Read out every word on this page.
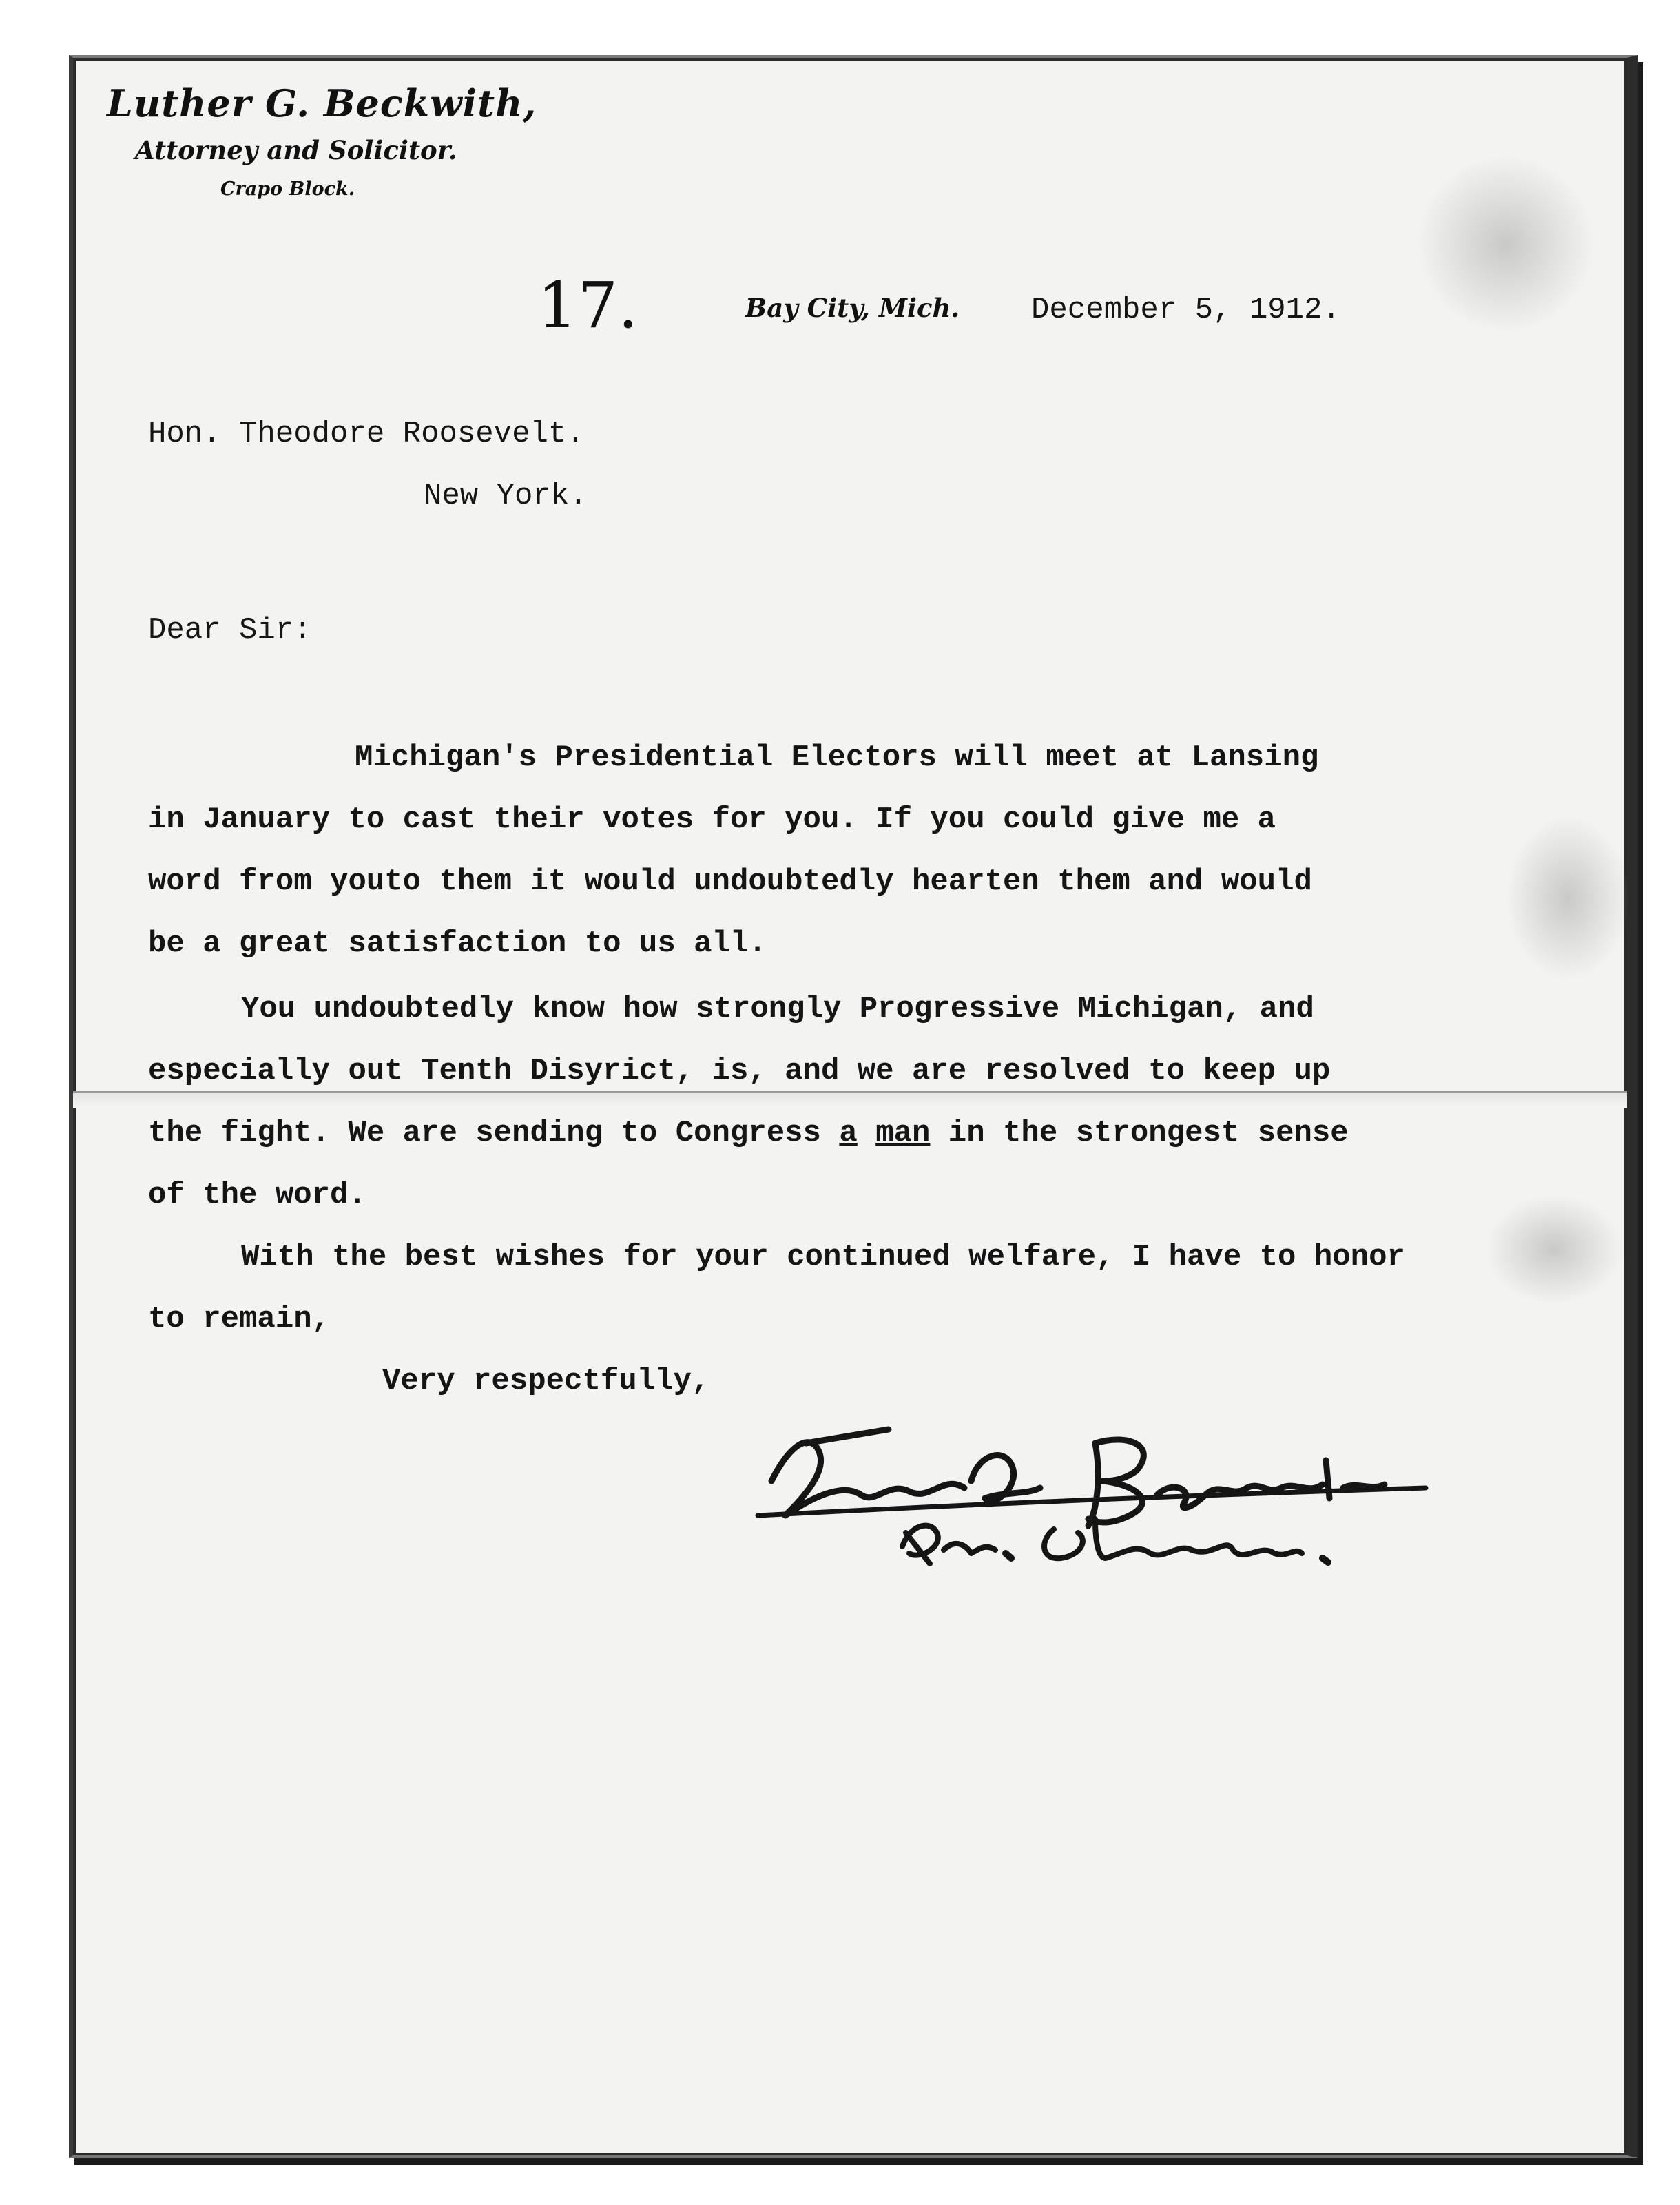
Luther G. Beckwith,
Attorney and Solicitor.
Crapo Block.
17.	Bay City, Mich. December 5, 1912.
Hon. Theodore Roosevelt.
New York.
Dear Sir:
Michigan's Presidential Electors will meet at Lansing
in January to cast their votes for you. If you could give me a
word from youto them it would undoubtedly hearten them and would
be a great satisfaction to us all.
You undoubtedly know how strongly Progressive Michigan, and
especially out Tenth Disyrict, is, and we are resolved to keep up
the fight. We are sending to Congress a man in the strongest sense
of the word.
With the best wishes for your continued welfare, I have to honor
to remain,
Very respectfully,
